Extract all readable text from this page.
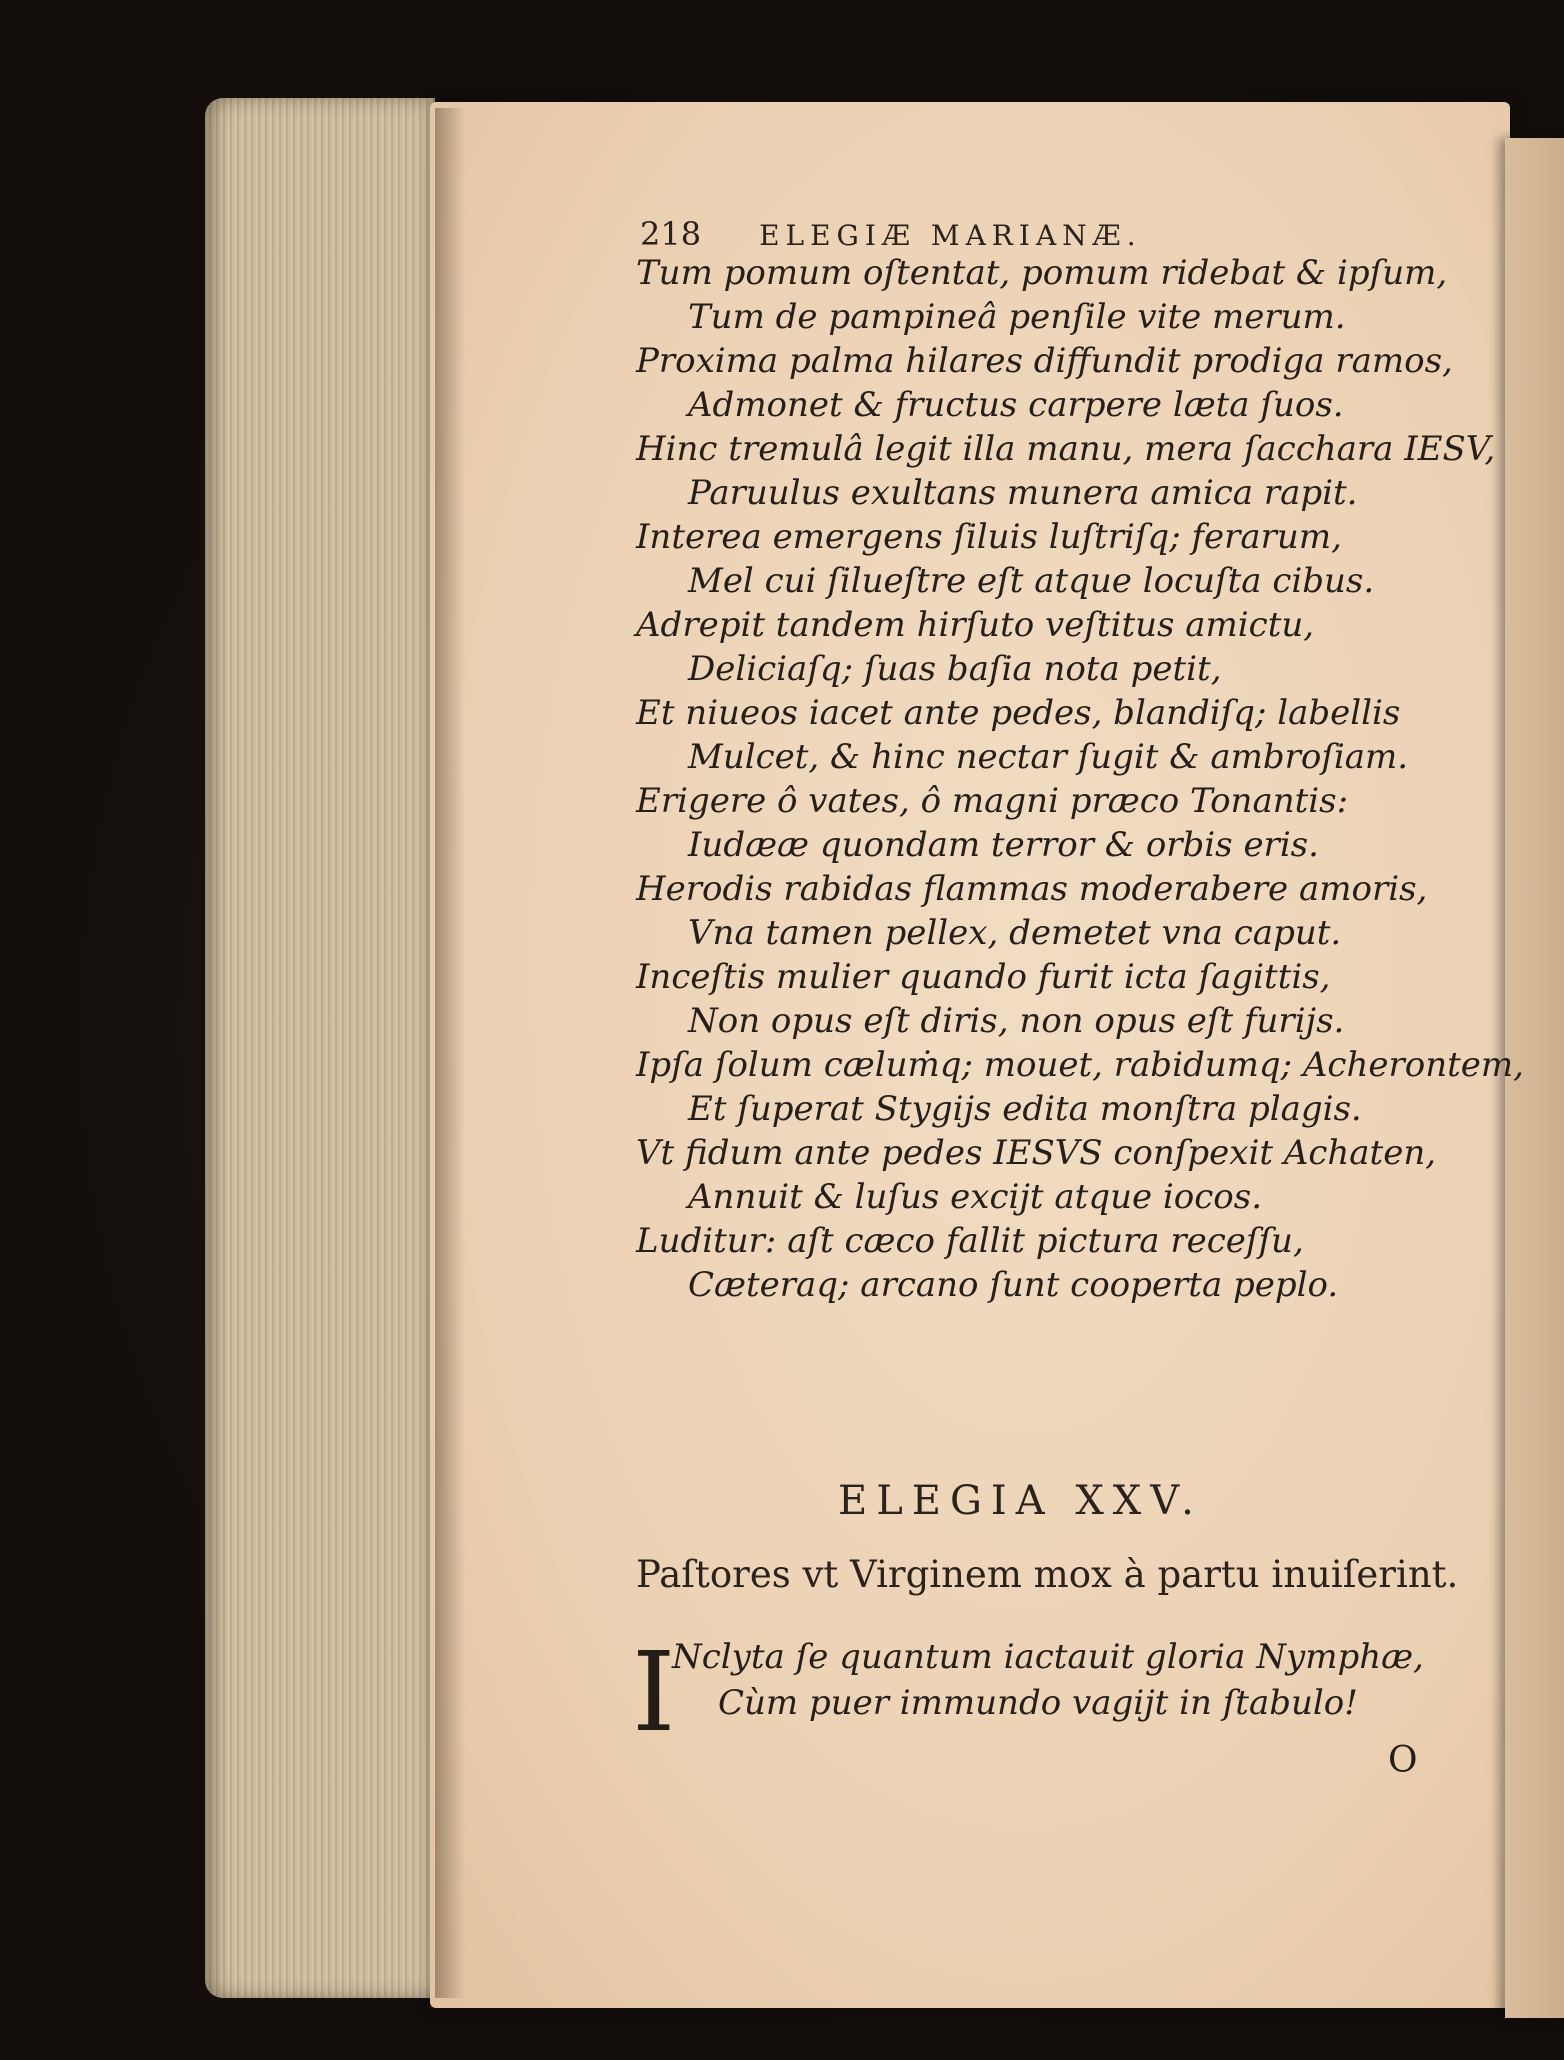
218 ELEGIÆ MARIANÆ.
Tum pomum oſtentat, pomum ridebat & ipſum,
Tum de pampineâ penſile vite merum.
Proxima palma hilares diffundit prodiga ramos,
Admonet & fructus carpere læta ſuos.
Hinc tremulâ legit illa manu, mera ſacchara IESV,
Paruulus exultans munera amica rapit.
Interea emergens ſiluis luſtriſq; ferarum,
Mel cui ſilueſtre eſt atque locuſta cibus.
Adrepit tandem hirſuto veſtitus amictu,
Deliciaſq; ſuas baſia nota petit,
Et niueos iacet ante pedes, blandiſq; labellis
Mulcet, & hinc nectar ſugit & ambroſiam.
Erigere ô vates, ô magni præco Tonantis:
Iudææ quondam terror & orbis eris.
Herodis rabidas flammas moderabere amoris,
Vna tamen pellex, demetet vna caput.
Inceſtis mulier quando furit icta ſagittis,
Non opus eſt diris, non opus eſt furijs.
Ipſa ſolum cæluṁq; mouet, rabidumq; Acherontem,
Et ſuperat Stygijs edita monſtra plagis.
Vt fidum ante pedes IESVS conſpexit Achaten,
Annuit & luſus excijt atque iocos.
Luditur: aſt cæco fallit pictura receſſu,
Cæteraq; arcano ſunt cooperta peplo.
ELEGIA XXV.
Paſtores vt Virginem mox à partu inuiſerint.
I
Nclyta ſe quantum iactauit gloria Nymphæ,
Cùm puer immundo vagijt in ſtabulo!
O
